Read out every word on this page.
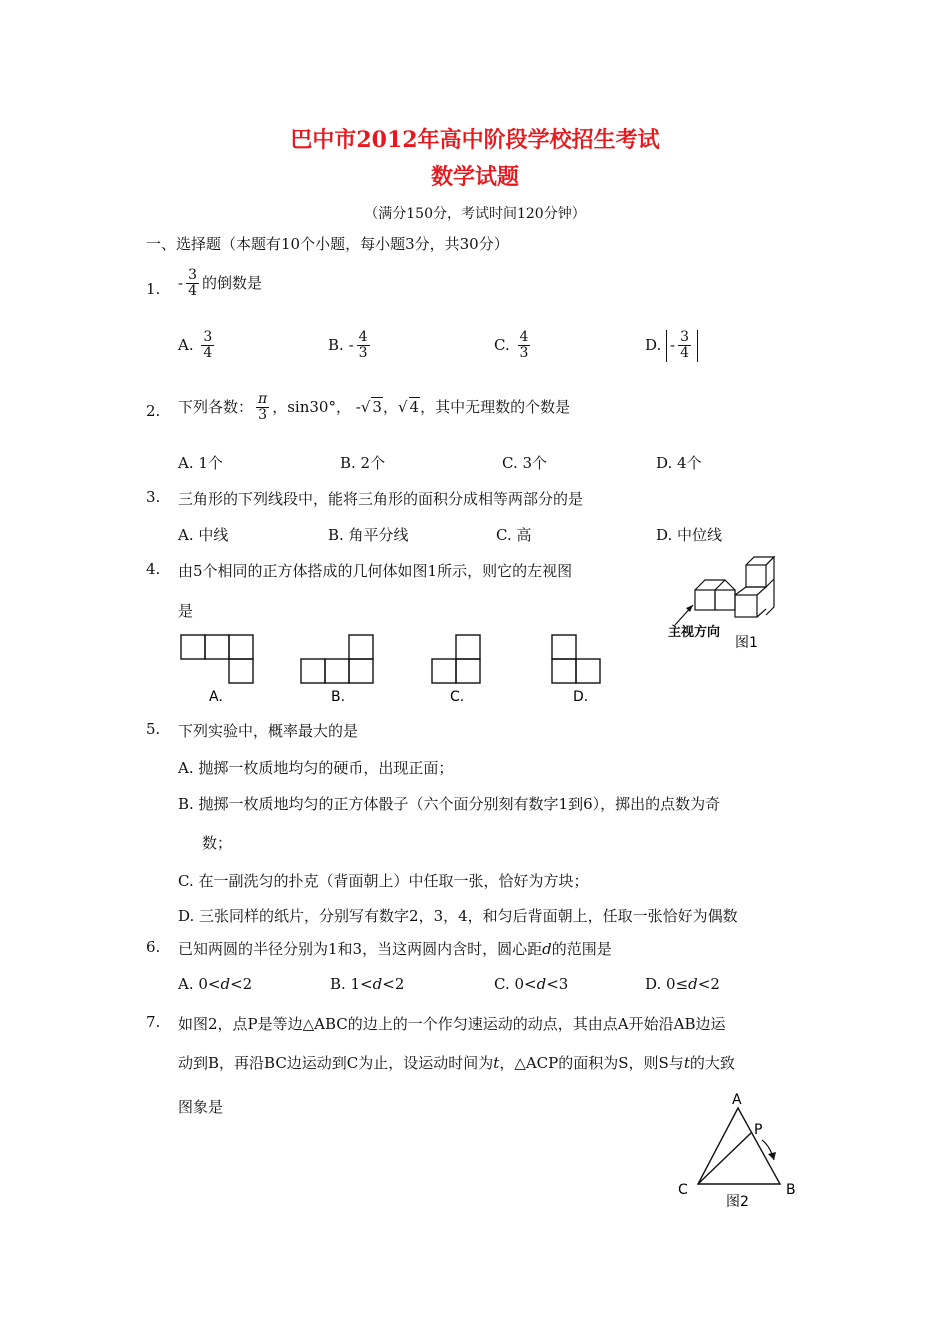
巴中市2012年高中阶段学校招生考试
数学试题
（满分150分，考试时间120分钟）
一、选择题（本题有10个小题，每小题3分，共30分）
1. - $\frac{3}{4}$ 的倒数是
A. $\frac{3}{4}$	B. - $\frac{4}{3}$	C. $\frac{4}{3}$	D. - $\frac{3}{4}$
2. 下列各数： $\frac{\pi}{3}$ ，sin30°， -√ 3，√ 4，其中无理数的个数是
A. 1个	B. 2个	C. 3个	D. 4个
3. 三角形的下列线段中，能将三角形的面积分成相等两部分的是
A. 中线	B. 角平分线	C. 高	D. 中位线
4. 由5个相同的正方体搭成的几何体如图1所示，则它的左视图
是
主视方向
图1
A.	B.	C.	D.
5. 下列实验中，概率最大的是
A. 抛掷一枚质地均匀的硬币，出现正面；
B. 抛掷一枚质地均匀的正方体骰子（六个面分别刻有数字1到6），掷出的点数为奇
数；
C. 在一副洗匀的扑克（背面朝上）中任取一张，恰好为方块；
D. 三张同样的纸片，分别写有数字2，3，4，和匀后背面朝上，任取一张恰好为偶数
6. 已知两圆的半径分别为1和3，当这两圆内含时，圆心距d的范围是
A. 0<d<2	B. 1<d<2	C. 0<d<3	D. 0≤d<2
7. 如图2，点P是等边△ABC的边上的一个作匀速运动的动点，其由点A开始沿AB边运
动到B，再沿BC边运动到C为止，设运动时间为t，△ACP的面积为S，则S与t的大致
图象是	A
P
C	B
图2
